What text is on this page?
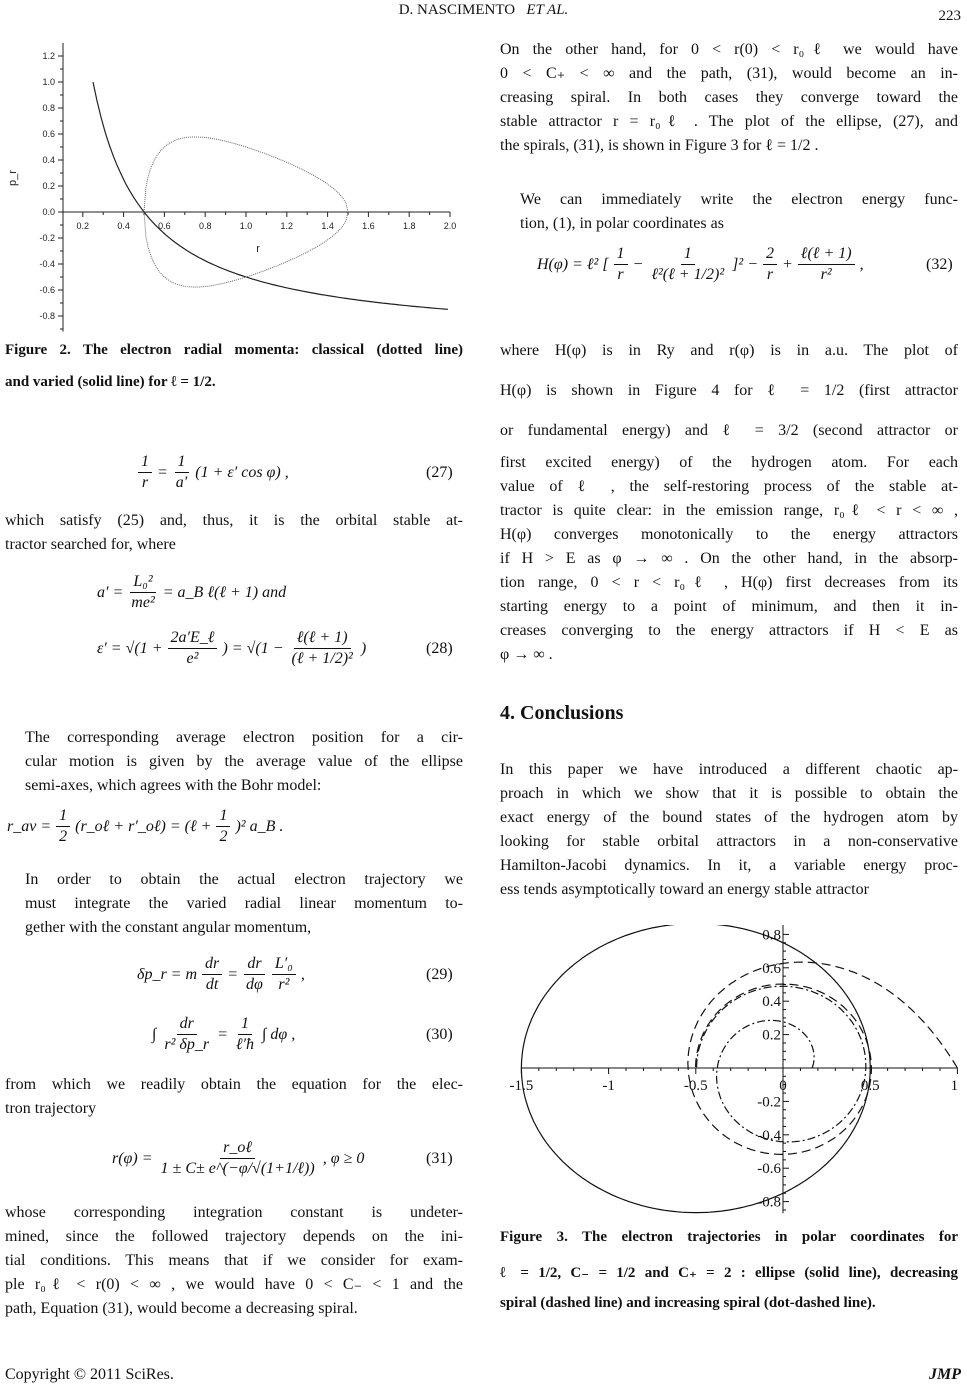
D. NASCIMENTO ET AL.	223
1.2
1.0
0.8
0.6
0.4
0.2
0.0
-0.2
-0.4
-0.6
-0.8
0.2	0.4	0.6	0.8	1.0	1.2	1.4	1.6	1.8	2.0
r
p_r
Figure 2. The electron radial momenta: classical (dotted line)
and varied (solid line) for ℓ = 1/2.
$\frac{1}{r} = \frac{1}{a'} (1 + \varepsilon'$ cos φ) ,	(27)
which satisfy (25) and, thus, it is the orbital stable at-
tractor searched for, where
$a' = \frac{\text{L₀²}}{\text{me²}}$ = a_B ℓ(ℓ + 1) and
$\varepsilon' = √(1 + \frac{\text{2a′E\_ℓ}}{\text{e²}}$ ) = $√(1 - \frac{\text{ℓ(ℓ + 1)}}{\text{(ℓ + 1/2)²}}$ )	(28)
The corresponding average electron position for a cir-
cular motion is given by the average value of the ellipse
semi-axes, which agrees with the Bohr model:
r_av = $\frac{1}{2}$ (r_oℓ + r′_oℓ) = (ℓ + $\frac{1}{2} )^2$ a_B .
In order to obtain the actual electron trajectory we
must integrate the varied radial linear momentum to-
gether with the constant angular momentum,
δp_r = m $\frac{dr}{dt} = \frac{dr}{d\varphi} \frac{\text{L′₀}}{\text{r²}}$ ,	(29)
∫ $\frac{dr}{\text{r² δp\_r}} = \frac{1}{\text{ℓ′ħ}}$ ∫ dφ ,	(30)
from which we readily obtain the equation for the elec-
tron trajectory
$r(\varphi) = \frac{\text{r\_oℓ}}{\text{1 ± C± e\textasciicircum{}(−φ/√(1+1/ℓ))}}$ , φ ≥ 0	(31)
whose corresponding integration constant is undeter-
mined, since the followed trajectory depends on the ini-
tial conditions. This means that if we consider for exam-
ple r₀ℓ < r(0) < ∞ , we would have 0 < C₋ < 1 and the
path, Equation (31), would become a decreasing spiral.
Copyright © 2011 SciRes.
On the other hand, for 0 < r(0) < r₀ℓ we would have
0 < C₊ < ∞ and the path, (31), would become an in-
creasing spiral. In both cases they converge toward the
stable attractor r = r₀ℓ . The plot of the ellipse, (27), and
the spirals, (31), is shown in Figure 3 for ℓ = 1/2 .
We can immediately write the electron energy func-
tion, (1), in polar coordinates as
H(φ) = ℓ² [ $\frac{1}{r} - \frac{1}{\text{ℓ²(ℓ + 1/2)²}} ]^2 - \frac{2}{r} + \frac{\text{ℓ(ℓ + 1)}}{\text{r²}}$ ,	(32)
where H(φ) is in Ry and r(φ) is in a.u. The plot of
H(φ) is shown in Figure 4 for ℓ = 1/2 (first attractor
or fundamental energy) and ℓ = 3/2 (second attractor or
first excited energy) of the hydrogen atom. For each
value of ℓ , the self-restoring process of the stable at-
tractor is quite clear: in the emission range, r₀ℓ < r < ∞ ,
H(φ) converges monotonically to the energy attractors
if H > E as φ → ∞ . On the other hand, in the absorp-
tion range, 0 < r < r₀ℓ , H(φ) first decreases from its
starting energy to a point of minimum, and then it in-
creases converging to the energy attractors if H < E as
φ → ∞ .
4. Conclusions
In this paper we have introduced a different chaotic ap-
proach in which we show that it is possible to obtain the
exact energy of the bound states of the hydrogen atom by
looking for stable orbital attractors in a non-conservative
Hamilton-Jacobi dynamics. In it, a variable energy proc-
ess tends asymptotically toward an energy stable attractor
-1.5	-1	-0.5	0	0.5	1
0.8
0.6
0.4
0.2
-0.2
-0.4
-0.6
-0.8
Figure 3. The electron trajectories in polar coordinates for
ℓ = 1/2, C₋ = 1/2 and C₊ = 2 : ellipse (solid line), decreasing
spiral (dashed line) and increasing spiral (dot-dashed line).
JMP
